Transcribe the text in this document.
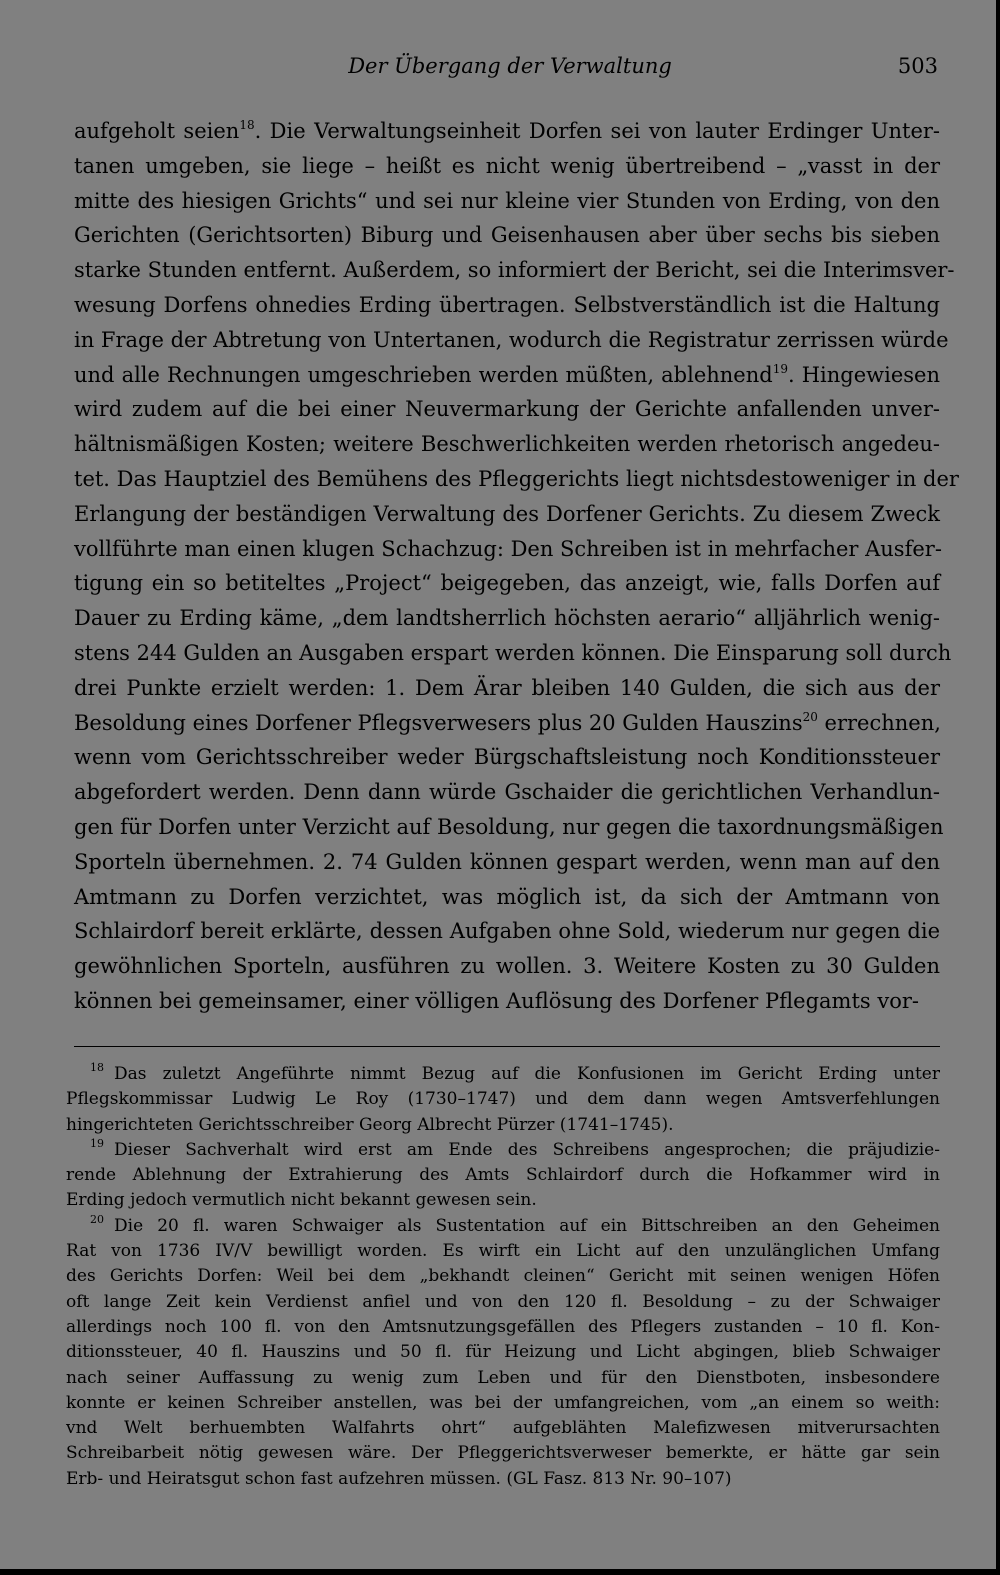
Der Übergang der Verwaltung	503
aufgeholt seien$^{18}$. Die Verwaltungseinheit Dorfen sei von lauter Erdinger Unter-
tanen umgeben, sie liege – heißt es nicht wenig übertreibend – „vasst in der
mitte des hiesigen Grichts“ und sei nur kleine vier Stunden von Erding, von den
Gerichten (Gerichtsorten) Biburg und Geisenhausen aber über sechs bis sieben
starke Stunden entfernt. Außerdem, so informiert der Bericht, sei die Interimsver-
wesung Dorfens ohnedies Erding übertragen. Selbstverständlich ist die Haltung
in Frage der Abtretung von Untertanen, wodurch die Registratur zerrissen würde
und alle Rechnungen umgeschrieben werden müßten, ablehnend$^{19}$. Hingewiesen
wird zudem auf die bei einer Neuvermarkung der Gerichte anfallenden unver-
hältnismäßigen Kosten; weitere Beschwerlichkeiten werden rhetorisch angedeu-
tet. Das Hauptziel des Bemühens des Pfleggerichts liegt nichtsdestoweniger in der
Erlangung der beständigen Verwaltung des Dorfener Gerichts. Zu diesem Zweck
vollführte man einen klugen Schachzug: Den Schreiben ist in mehrfacher Ausfer-
tigung ein so betiteltes „Project“ beigegeben, das anzeigt, wie, falls Dorfen auf
Dauer zu Erding käme, „dem landtsherrlich höchsten aerario“ alljährlich wenig-
stens 244 Gulden an Ausgaben erspart werden können. Die Einsparung soll durch
drei Punkte erzielt werden: 1. Dem Ärar bleiben 140 Gulden, die sich aus der
Besoldung eines Dorfener Pflegsverwesers plus 20 Gulden Hauszins$^{20}$ errechnen,
wenn vom Gerichtsschreiber weder Bürgschaftsleistung noch Konditionssteuer
abgefordert werden. Denn dann würde Gschaider die gerichtlichen Verhandlun-
gen für Dorfen unter Verzicht auf Besoldung, nur gegen die taxordnungsmäßigen
Sporteln übernehmen. 2. 74 Gulden können gespart werden, wenn man auf den
Amtmann zu Dorfen verzichtet, was möglich ist, da sich der Amtmann von
Schlairdorf bereit erklärte, dessen Aufgaben ohne Sold, wiederum nur gegen die
gewöhnlichen Sporteln, ausführen zu wollen. 3. Weitere Kosten zu 30 Gulden
können bei gemeinsamer, einer völligen Auflösung des Dorfener Pflegamts vor-
$^{18}$ Das zuletzt Angeführte nimmt Bezug auf die Konfusionen im Gericht Erding unter
Pflegskommissar Ludwig Le Roy (1730–1747) und dem dann wegen Amtsverfehlungen
hingerichteten Gerichtsschreiber Georg Albrecht Pürzer (1741–1745).
$^{19}$ Dieser Sachverhalt wird erst am Ende des Schreibens angesprochen; die präjudizie-
rende Ablehnung der Extrahierung des Amts Schlairdorf durch die Hofkammer wird in
Erding jedoch vermutlich nicht bekannt gewesen sein.
$^{20}$ Die 20 fl. waren Schwaiger als Sustentation auf ein Bittschreiben an den Geheimen
Rat von 1736 IV/V bewilligt worden. Es wirft ein Licht auf den unzulänglichen Umfang
des Gerichts Dorfen: Weil bei dem „bekhandt cleinen“ Gericht mit seinen wenigen Höfen
oft lange Zeit kein Verdienst anfiel und von den 120 fl. Besoldung – zu der Schwaiger
allerdings noch 100 fl. von den Amtsnutzungsgefällen des Pflegers zustanden – 10 fl. Kon-
ditionssteuer, 40 fl. Hauszins und 50 fl. für Heizung und Licht abgingen, blieb Schwaiger
nach seiner Auffassung zu wenig zum Leben und für den Dienstboten, insbesondere
konnte er keinen Schreiber anstellen, was bei der umfangreichen, vom „an einem so weith:
vnd Welt berhuembten Walfahrts ohrt“ aufgeblähten Malefizwesen mitverursachten
Schreibarbeit nötig gewesen wäre. Der Pfleggerichtsverweser bemerkte, er hätte gar sein
Erb- und Heiratsgut schon fast aufzehren müssen. (GL Fasz. 813 Nr. 90–107)
